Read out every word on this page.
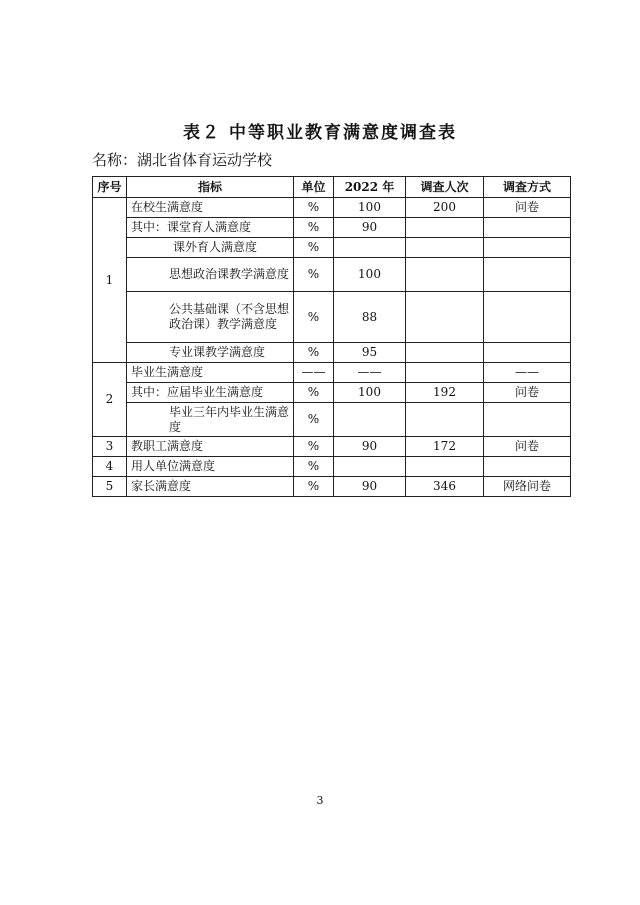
表２ 中等职业教育满意度调查表
名称：湖北省体育运动学校
序号	指标	单位	2022 年	调查人次	调查方式
1	在校生满意度	%	100	200	问卷
	其中：课堂育人满意度	%	90		
	课外育人满意度	%			
	思想政治课教学满意度	%	100		
	公共基础课（不含思想政治课）教学满意度	%	88		
	专业课教学满意度	%	95		
2	毕业生满意度	——	——		——
	其中：应届毕业生满意度	%	100	192	问卷
	毕业三年内毕业生满意度	%			
3	教职工满意度	%	90	172	问卷
4	用人单位满意度	%			
5	家长满意度	%	90	346	网络问卷
3
